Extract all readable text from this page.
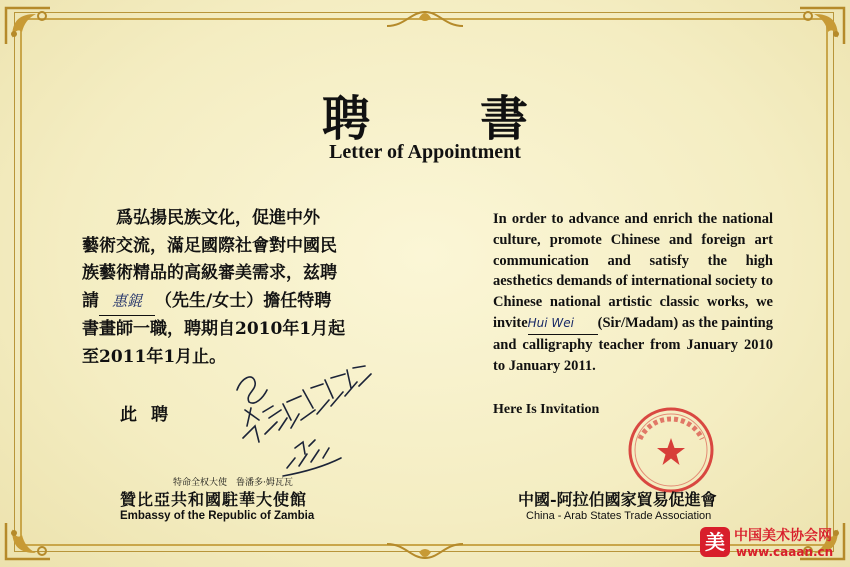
聘書
Letter of Appointment

　　爲弘揚民族文化，促進中外

藝術交流，滿足國際社會對中國民

族藝術精品的高級審美需求，兹聘

請 惠錕 （先生/女士）擔任特聘

書畫師一職，聘期自2010年1月起

至2011年1月止。

此聘

In order to advance and enrich the national culture, promote Chinese and foreign art communication and satisfy the high aesthetics demands of international society to Chinese national artistic classic works, we inviteHui Wei (Sir/Madam) as the painting and calligraphy teacher from January 2010 to January 2011.

Here Is Invitation
特命全权大使　鲁潘多·姆瓦瓦
贊比亞共和國駐華大使館
Embassy of the Republic of Zambia
中國-阿拉伯國家貿易促進會
China - Arab States Trade Association
美 中国美术协会网
www.caaan.cn
